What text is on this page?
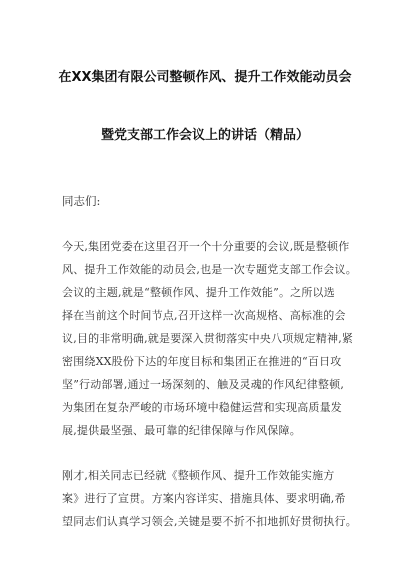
在XX集团有限公司整顿作风、提升工作效能动员会
暨党支部工作会议上的讲话（精品）
同志们:
今天,集团党委在这里召开一个十分重要的会议,既是整顿作
风、提升工作效能的动员会,也是一次专题党支部工作会议。
会议的主题,就是“整顿作风、提升工作效能”。之所以选
择在当前这个时间节点,召开这样一次高规格、高标准的会
议,目的非常明确,就是要深入贯彻落实中央八项规定精神,紧
密围绕XX股份下达的年度目标和集团正在推进的“百日攻
坚”行动部署,通过一场深刻的、触及灵魂的作风纪律整顿,
为集团在复杂严峻的市场环境中稳健运营和实现高质量发
展,提供最坚强、最可靠的纪律保障与作风保障。
刚才,相关同志已经就《整顿作风、提升工作效能实施方
案》进行了宣贯。方案内容详实、措施具体、要求明确,希
望同志们认真学习领会,关键是要不折不扣地抓好贯彻执行。
